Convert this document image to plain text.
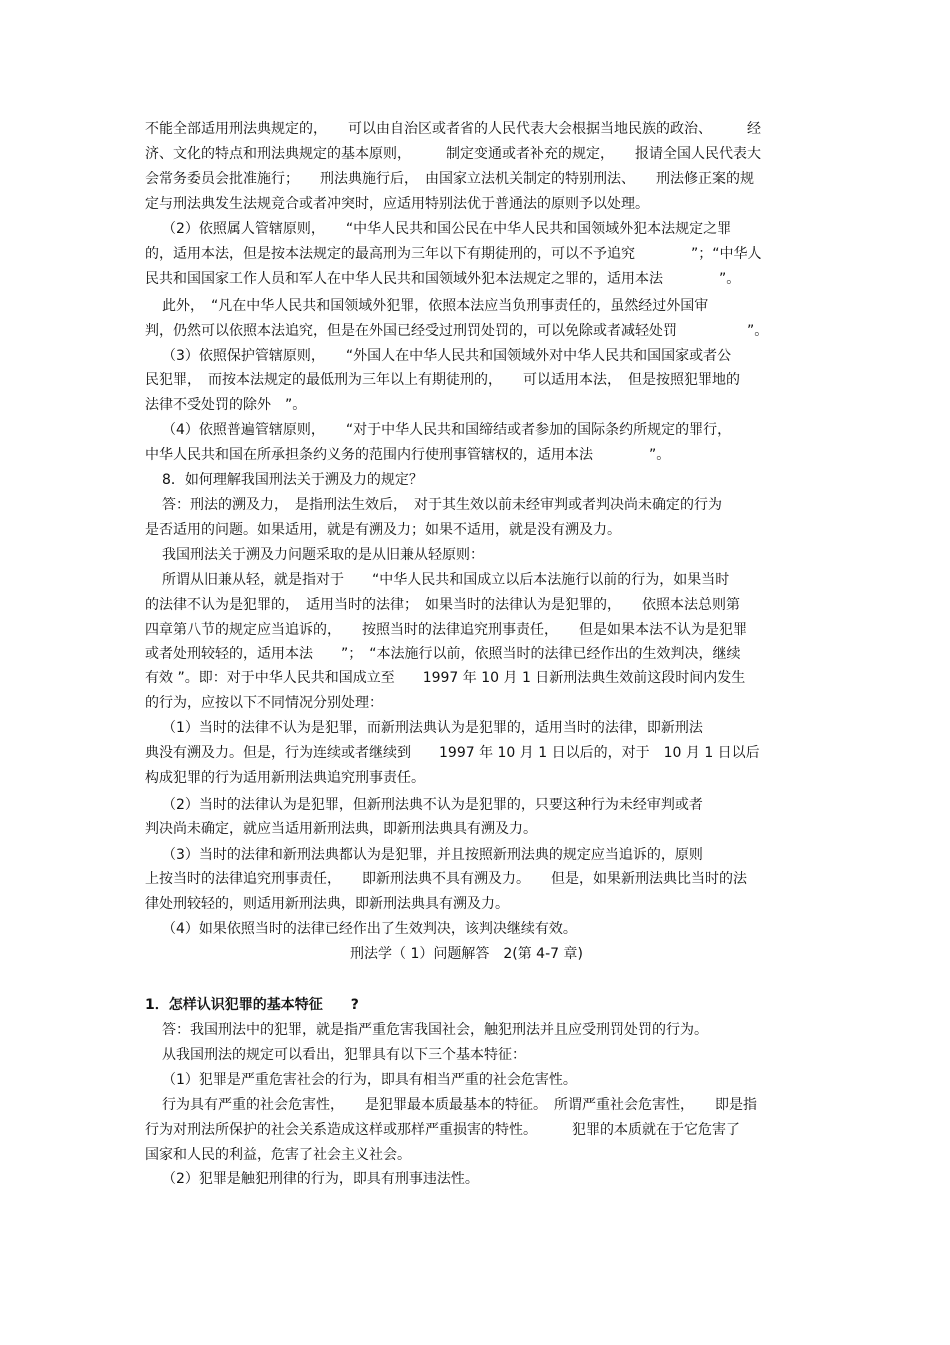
不能全部适用刑法典规定的，　　可以由自治区或者省的人民代表大会根据当地民族的政治、　　　经
济、文化的特点和刑法典规定的基本原则，　　　制定变通或者补充的规定，　　报请全国人民代表大
会常务委员会批准施行；　　刑法典施行后，　由国家立法机关制定的特别刑法、　　刑法修正案的规
定与刑法典发生法规竞合或者冲突时，应适用特别法优于普通法的原则予以处理。
（2）依照属人管辖原则，　　“中华人民共和国公民在中华人民共和国领域外犯本法规定之罪
的，适用本法，但是按本法规定的最高刑为三年以下有期徒刑的，可以不予追究　　　　”；“中华人
民共和国国家工作人员和军人在中华人民共和国领域外犯本法规定之罪的，适用本法　　　　”。
此外，　“凡在中华人民共和国领域外犯罪，依照本法应当负刑事责任的，虽然经过外国审
判，仍然可以依照本法追究，但是在外国已经受过刑罚处罚的，可以免除或者减轻处罚　　　　　”。
（3）依照保护管辖原则，　　“外国人在中华人民共和国领域外对中华人民共和国国家或者公
民犯罪，　而按本法规定的最低刑为三年以上有期徒刑的，　　可以适用本法，　但是按照犯罪地的
法律不受处罚的除外　”。
（4）依照普遍管辖原则，　　“对于中华人民共和国缔结或者参加的国际条约所规定的罪行，
中华人民共和国在所承担条约义务的范围内行使刑事管辖权的，适用本法　　　　”。
8．如何理解我国刑法关于溯及力的规定？
答：刑法的溯及力，　是指刑法生效后，　对于其生效以前未经审判或者判决尚未确定的行为
是否适用的问题。如果适用，就是有溯及力；如果不适用，就是没有溯及力。
我国刑法关于溯及力问题采取的是从旧兼从轻原则：
所谓从旧兼从轻，就是指对于　　“中华人民共和国成立以后本法施行以前的行为，如果当时
的法律不认为是犯罪的，　适用当时的法律；　如果当时的法律认为是犯罪的，　　依照本法总则第
四章第八节的规定应当追诉的，　　按照当时的法律追究刑事责任，　　但是如果本法不认为是犯罪
或者处刑较轻的，适用本法　　”；　“本法施行以前，依照当时的法律已经作出的生效判决，继续
有效 ”。即：对于中华人民共和国成立至　　1997 年 10 月 1 日新刑法典生效前这段时间内发生
的行为，应按以下不同情况分别处理：
（1）当时的法律不认为是犯罪，而新刑法典认为是犯罪的，适用当时的法律，即新刑法
典没有溯及力。但是，行为连续或者继续到　　1997 年 10 月 1 日以后的，对于　10 月 1 日以后
构成犯罪的行为适用新刑法典追究刑事责任。
（2）当时的法律认为是犯罪，但新刑法典不认为是犯罪的，只要这种行为未经审判或者
判决尚未确定，就应当适用新刑法典，即新刑法典具有溯及力。
（3）当时的法律和新刑法典都认为是犯罪，并且按照新刑法典的规定应当追诉的，原则
上按当时的法律追究刑事责任，　　即新刑法典不具有溯及力。　　但是，如果新刑法典比当时的法
律处刑较轻的，则适用新刑法典，即新刑法典具有溯及力。
（4）如果依照当时的法律已经作出了生效判决，该判决继续有效。
刑法学（ 1）问题解答　2(第 4-7 章)
1．怎样认识犯罪的基本特征　　?
答：我国刑法中的犯罪，就是指严重危害我国社会，触犯刑法并且应受刑罚处罚的行为。
从我国刑法的规定可以看出，犯罪具有以下三个基本特征：
（1）犯罪是严重危害社会的行为，即具有相当严重的社会危害性。
行为具有严重的社会危害性，　　是犯罪最本质最基本的特征。　所谓严重社会危害性，　　即是指
行为对刑法所保护的社会关系造成这样或那样严重损害的特性。　　　犯罪的本质就在于它危害了
国家和人民的利益，危害了社会主义社会。
（2）犯罪是触犯刑律的行为，即具有刑事违法性。
